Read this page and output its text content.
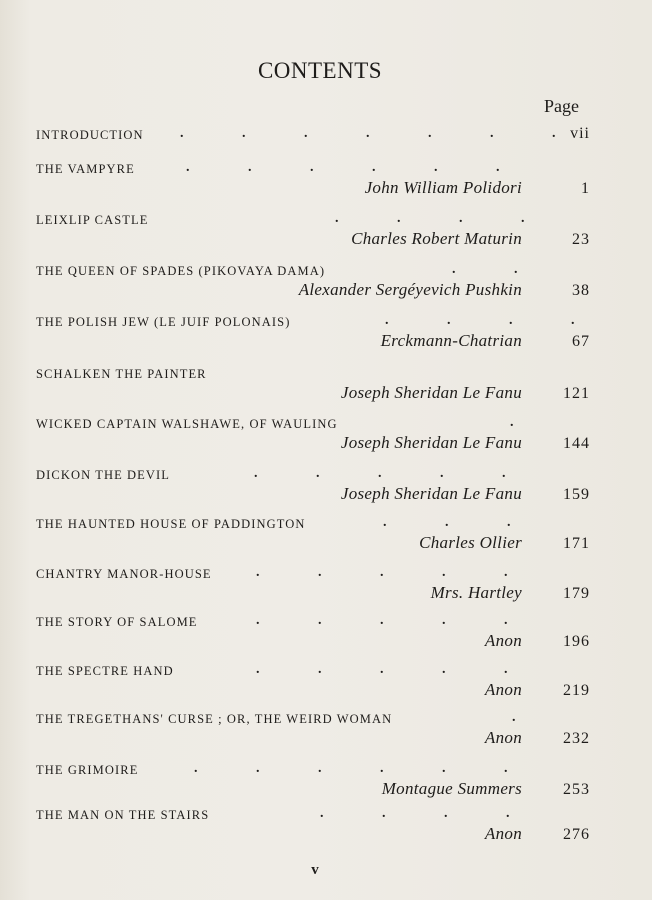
CONTENTS
Page
INTRODUCTION	. . . . . . . vii
THE VAMPYRE	. . . . . .
John William Polidori	1
LEIXLIP CASTLE	. . . .
Charles Robert Maturin	23
THE QUEEN OF SPADES (PIKOVAYA DAMA)	. .
Alexander Sergéyevich Pushkin	38
THE POLISH JEW (LE JUIF POLONAIS)	. . . .
Erckmann-Chatrian	67
SCHALKEN THE PAINTER
Joseph Sheridan Le Fanu	121
WICKED CAPTAIN WALSHAWE, OF WAULING	.
Joseph Sheridan Le Fanu	144
DICKON THE DEVIL	. . . . .
Joseph Sheridan Le Fanu	159
THE HAUNTED HOUSE OF PADDINGTON	. . .
Charles Ollier	171
CHANTRY MANOR-HOUSE	. . . . .
Mrs. Hartley	179
THE STORY OF SALOME	. . . . .
Anon	196
THE SPECTRE HAND	. . . . .
Anon	219
THE TREGETHANS' CURSE ; OR, THE WEIRD WOMAN	.
Anon	232
THE GRIMOIRE	. . . . . .
Montague Summers	253
THE MAN ON THE STAIRS	. . . .
Anon	276
v
